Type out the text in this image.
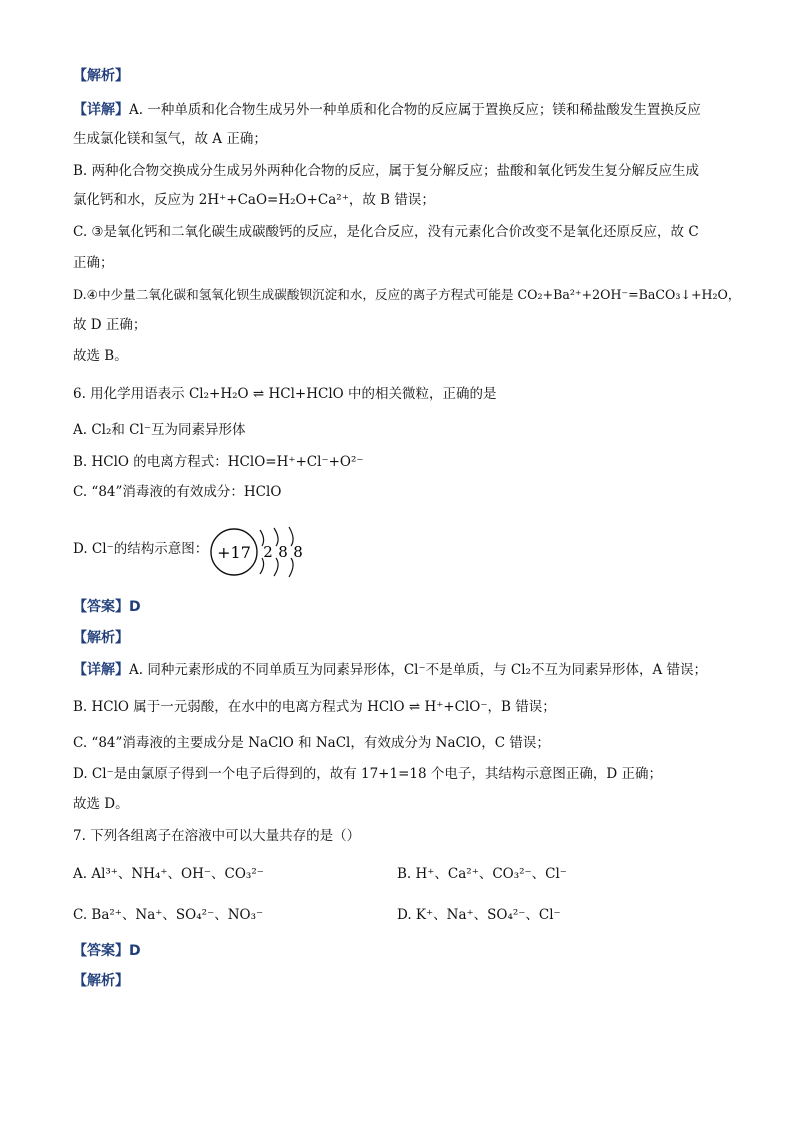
【解析】
【详解】A. 一种单质和化合物生成另外一种单质和化合物的反应属于置换反应；镁和稀盐酸发生置换反应
生成氯化镁和氢气，故 A 正确；
B. 两种化合物交换成分生成另外两种化合物的反应，属于复分解反应；盐酸和氧化钙发生复分解反应生成
氯化钙和水，反应为 2H⁺+CaO=H₂O+Ca²⁺，故 B 错误；
C. ③是氧化钙和二氧化碳生成碳酸钙的反应，是化合反应，没有元素化合价改变不是氧化还原反应，故 C
正确；
D.④中少量二氧化碳和氢氧化钡生成碳酸钡沉淀和水，反应的离子方程式可能是 CO₂+Ba²⁺+2OH⁻=BaCO₃↓+H₂O，
故 D 正确；
故选 B。
6. 用化学用语表示 Cl₂+H₂O ⇌ HCl+HClO 中的相关微粒，正确的是
A. Cl₂和 Cl⁻互为同素异形体
B. HClO 的电离方程式：HClO=H⁺+Cl⁻+O²⁻
C. “84”消毒液的有效成分：HClO
D. Cl⁻的结构示意图： +17 2 8 8
【答案】D
【解析】
【详解】A. 同种元素形成的不同单质互为同素异形体，Cl⁻不是单质，与 Cl₂不互为同素异形体，A 错误；
B. HClO 属于一元弱酸，在水中的电离方程式为 HClO ⇌ H⁺+ClO⁻，B 错误；
C. “84”消毒液的主要成分是 NaClO 和 NaCl，有效成分为 NaClO，C 错误；
D. Cl⁻是由氯原子得到一个电子后得到的，故有 17+1=18 个电子，其结构示意图正确，D 正确；
故选 D。
7. 下列各组离子在溶液中可以大量共存的是（）
A. Al³⁺、NH₄⁺、OH⁻、CO₃²⁻	B. H⁺、Ca²⁺、CO₃²⁻、Cl⁻
C. Ba²⁺、Na⁺、SO₄²⁻、NO₃⁻	D. K⁺、Na⁺、SO₄²⁻、Cl⁻
【答案】D
【解析】
